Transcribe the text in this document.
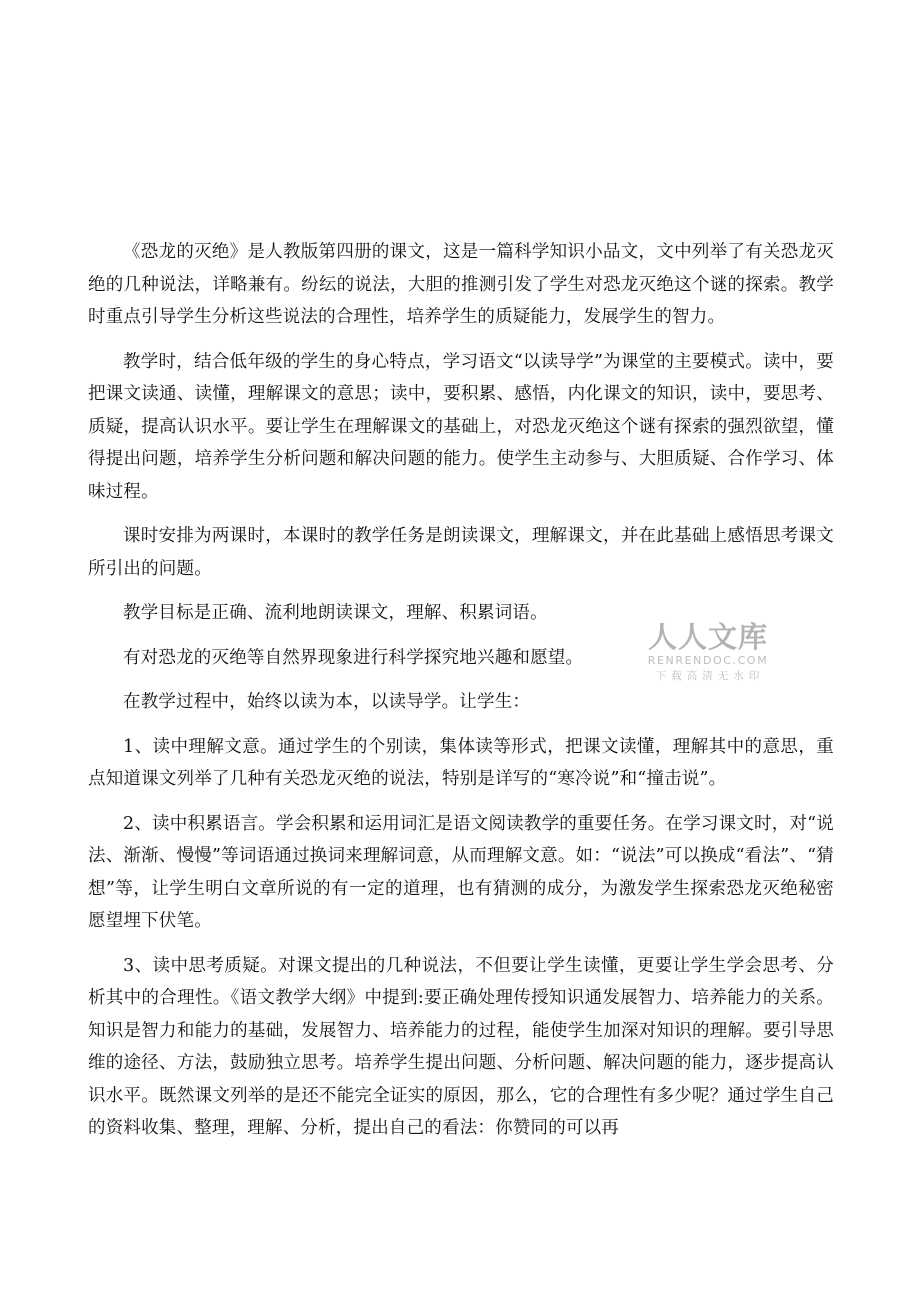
《恐龙的灭绝》是人教版第四册的课文，这是一篇科学知识小品文，文中列举了有关恐龙灭绝的几种说法，详略兼有。纷纭的说法，大胆的推测引发了学生对恐龙灭绝这个谜的探索。教学时重点引导学生分析这些说法的合理性，培养学生的质疑能力，发展学生的智力。

教学时，结合低年级的学生的身心特点，学习语文“以读导学”为课堂的主要模式。读中，要把课文读通、读懂，理解课文的意思；读中，要积累、感悟，内化课文的知识，读中，要思考、质疑，提高认识水平。要让学生在理解课文的基础上，对恐龙灭绝这个谜有探索的强烈欲望，懂得提出问题，培养学生分析问题和解决问题的能力。使学生主动参与、大胆质疑、合作学习、体味过程。

课时安排为两课时，本课时的教学任务是朗读课文，理解课文，并在此基础上感悟思考课文所引出的问题。

教学目标是正确、流利地朗读课文，理解、积累词语。

有对恐龙的灭绝等自然界现象进行科学探究地兴趣和愿望。

在教学过程中，始终以读为本，以读导学。让学生：

1、读中理解文意。通过学生的个别读，集体读等形式，把课文读懂，理解其中的意思，重点知道课文列举了几种有关恐龙灭绝的说法，特别是详写的“寒冷说”和“撞击说”。

2、读中积累语言。学会积累和运用词汇是语文阅读教学的重要任务。在学习课文时，对“说法、渐渐、慢慢”等词语通过换词来理解词意，从而理解文意。如：“说法”可以换成“看法”、“猜想”等，让学生明白文章所说的有一定的道理，也有猜测的成分，为激发学生探索恐龙灭绝秘密愿望埋下伏笔。

3、读中思考质疑。对课文提出的几种说法，不但要让学生读懂，更要让学生学会思考、分析其中的合理性。《语文教学大纲》中提到:要正确处理传授知识通发展智力、培养能力的关系。知识是智力和能力的基础，发展智力、培养能力的过程，能使学生加深对知识的理解。要引导思维的途径、方法，鼓励独立思考。培养学生提出问题、分析问题、解决问题的能力，逐步提高认识水平。既然课文列举的是还不能完全证实的原因，那么，它的合理性有多少呢？通过学生自己的资料收集、整理，理解、分析，提出自己的看法：你赞同的可以再

人人文库
RENRENDOC.COM
下载高清无水印
